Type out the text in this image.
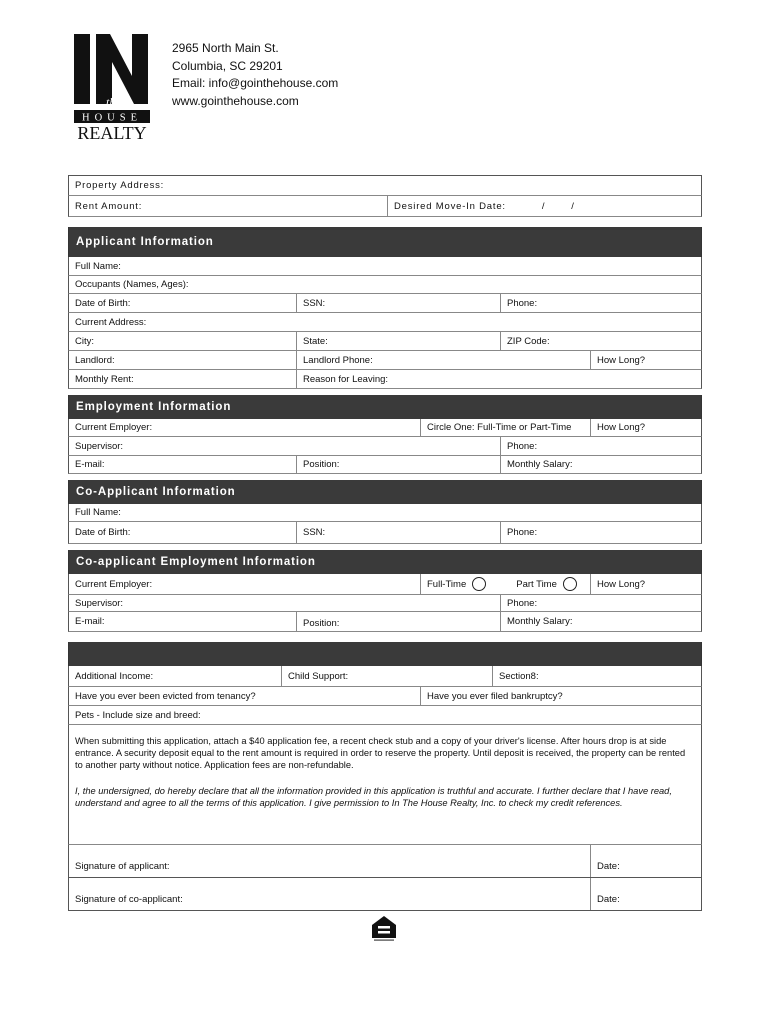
the
HOUSE
REALTY
2965 North Main St.
Columbia, SC 29201
Email: info@gointhehouse.com
www.gointhehouse.com
Property Address:
Rent Amount:	Desired Move-In Date:	/	/
Applicant Information
Full Name:
Occupants (Names, Ages):
Date of Birth:	SSN:	Phone:
Current Address:
City:	State:	ZIP Code:
Landlord:	Landlord Phone:	How Long?
Monthly Rent:	Reason for Leaving:
Employment Information
Current Employer:	Circle One: Full-Time or Part-Time	How Long?
Supervisor:	Phone:
E-mail:	Position:	Monthly Salary:
Co-Applicant Information
Full Name:
Date of Birth:	SSN:	Phone:
Co-applicant Employment Information
Current Employer:	Full-Time	Part Time	How Long?
Supervisor:	Phone:
E-mail:	Position:	Monthly Salary:
Additional Income:	Child Support:	Section8:
Have you ever been evicted from tenancy?	Have you ever filed bankruptcy?
Pets - Include size and breed:

When submitting this application, attach a $40 application fee, a recent check stub and a copy of your driver's license. After hours drop is at side entrance. A security deposit equal to the rent amount is required in order to reserve the property. Until deposit is received, the property can be rented to another party without notice. Application fees are non-refundable.

I, the undersigned, do hereby declare that all the information provided in this application is truthful and accurate. I further declare that I have read, understand and agree to all the terms of this application. I give permission to In The House Realty, Inc. to check my credit references.

Signature of applicant:	Date:
Signature of co-applicant:	Date:
